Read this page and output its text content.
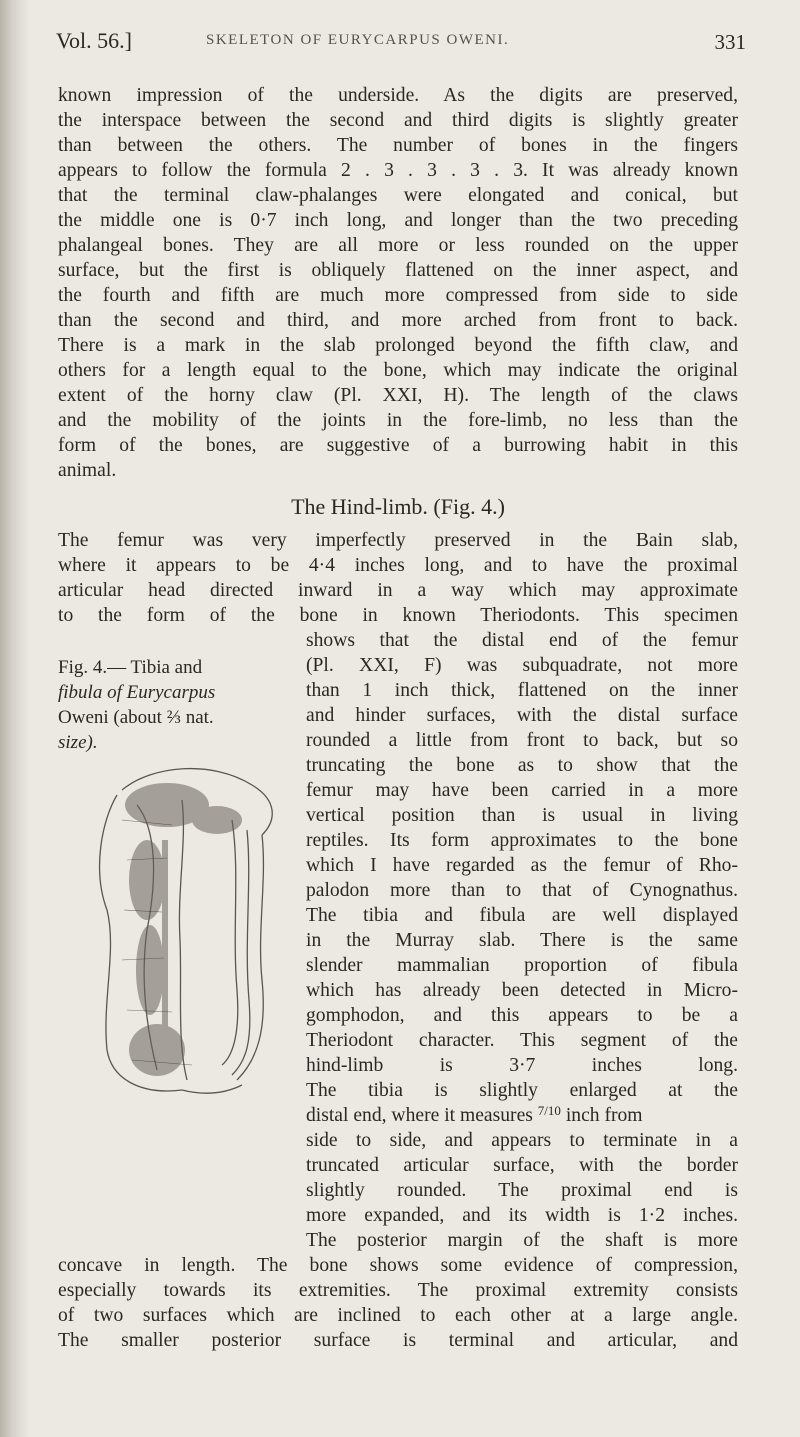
Vol. 56.]	SKELETON OF EURYCARPUS OWENI.	331
known impression of the underside. As the digits are preserved,
the interspace between the second and third digits is slightly greater
than between the others. The number of bones in the fingers
appears to follow the formula 2 . 3 . 3 . 3 . 3. It was already known
that the terminal claw-phalanges were elongated and conical, but
the middle one is 0·7 inch long, and longer than the two preceding
phalangeal bones. They are all more or less rounded on the upper
surface, but the first is obliquely flattened on the inner aspect, and
the fourth and fifth are much more compressed from side to side
than the second and third, and more arched from front to back.
There is a mark in the slab prolonged beyond the fifth claw, and
others for a length equal to the bone, which may indicate the original
extent of the horny claw (Pl. XXI, H). The length of the claws
and the mobility of the joints in the fore-limb, no less than the
form of the bones, are suggestive of a burrowing habit in this
animal.
The Hind-limb. (Fig. 4.)
The femur was very imperfectly preserved in the Bain slab,
where it appears to be 4·4 inches long, and to have the proximal
articular head directed inward in a way which may approximate
to the form of the bone in known Theriodonts. This specimen
Fig. 4.— Tibia and
fibula of Eurycarpus
Oweni (about ⅔ nat.
size).
shows that the distal end of the femur
(Pl. XXI, F) was subquadrate, not more
than 1 inch thick, flattened on the inner
and hinder surfaces, with the distal surface
rounded a little from front to back, but so
truncating the bone as to show that the
femur may have been carried in a more
vertical position than is usual in living
reptiles. Its form approximates to the bone
which I have regarded as the femur of Rho-
palodon more than to that of Cynognathus.
The tibia and fibula are well displayed
in the Murray slab. There is the same
slender mammalian proportion of fibula
which has already been detected in Micro-
gomphodon, and this appears to be a
Theriodont character. This segment of the
hind-limb is 3·7 inches long.
The tibia is slightly enlarged at the
distal end, where it measures $^{7/10}$ inch from
side to side, and appears to terminate in a
truncated articular surface, with the border
slightly rounded. The proximal end is
more expanded, and its width is 1·2 inches.
The posterior margin of the shaft is more
concave in length. The bone shows some evidence of compression,
especially towards its extremities. The proximal extremity consists
of two surfaces which are inclined to each other at a large angle.
The smaller posterior surface is terminal and articular, and
